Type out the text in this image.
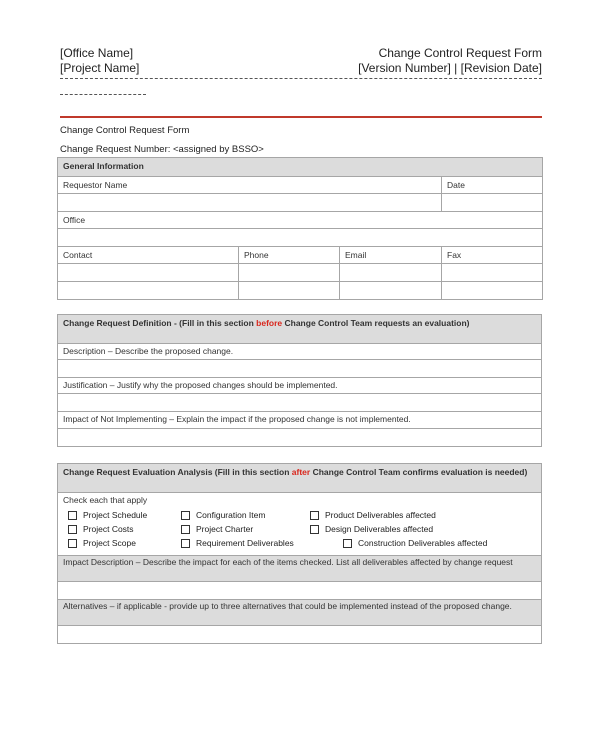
[Office Name]
[Project Name]
Change Control Request Form
[Version Number] | [Revision Date]
Change Control Request Form
Change Request Number: <assigned by BSSO>
General Information			
Requestor Name			Date

Office			

Contact	Phone	Email	Fax

Change Request Definition - (Fill in this section before Change Control Team requests an evaluation)
Description – Describe the proposed change.

Justification – Justify why the proposed changes should be implemented.

Impact of Not Implementing – Explain the impact if the proposed change is not implemented.

Change Request Evaluation Analysis (Fill in this section after Change Control Team confirms evaluation is needed)

Check each that apply

Impact Description – Describe the impact for each of the items checked. List all deliverables affected by change request

Alternatives – if applicable - provide up to three alternatives that could be implemented instead of the proposed change.

Project Schedule	Configuration Item	Product Deliverables affected
Project Costs	Project Charter	Design Deliverables affected
Project Scope	Requirement Deliverables	Construction Deliverables affected
